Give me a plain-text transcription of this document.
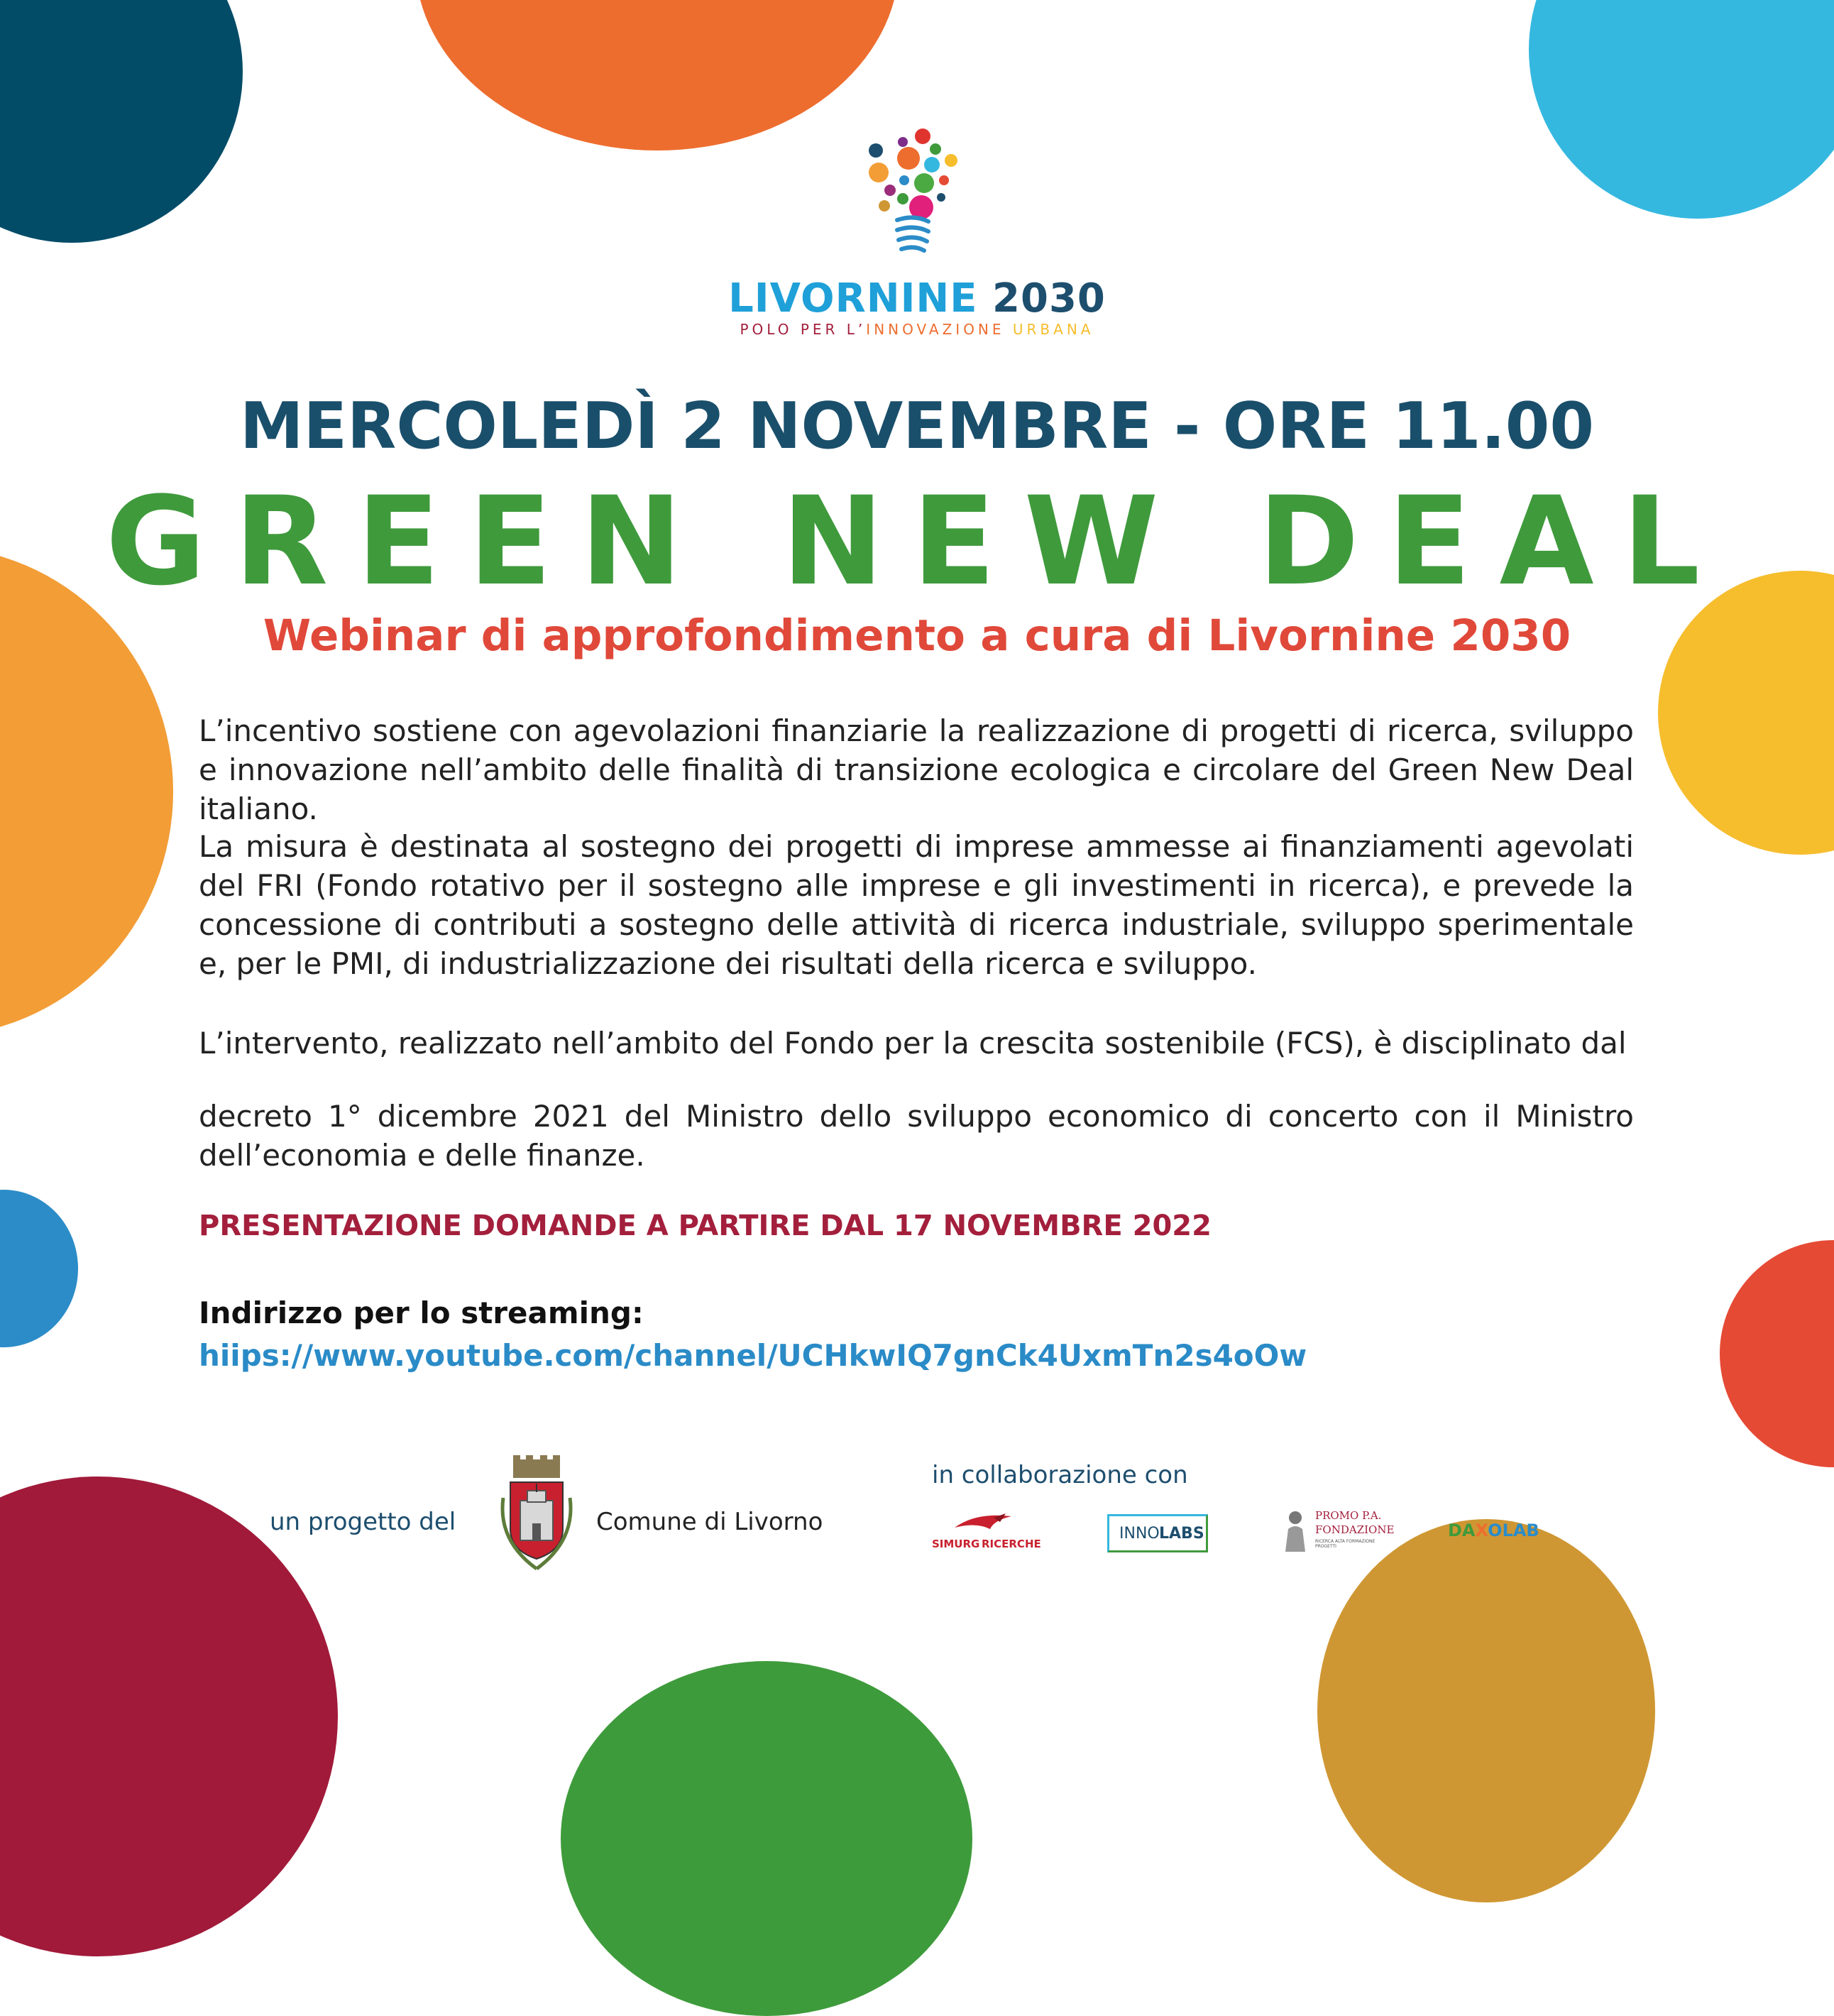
LIVORNINE 2030
POLO PER L’INNOVAZIONE URBANA
MERCOLEDÌ 2 NOVEMBRE - ORE 11.00
GREEN NEW DEAL
Webinar di approfondimento a cura di Livornine 2030
L’incentivo sostiene con agevolazioni finanziarie la realizzazione di progetti di ricerca, sviluppo e innovazione nell’ambito delle finalità di transizione ecologica e circolare del Green New Deal italiano.
La misura è destinata al sostegno dei progetti di imprese ammesse ai finanziamenti agevolati del FRI (Fondo rotativo per il sostegno alle imprese e gli investimenti in ricerca), e prevede la concessione di contributi a sostegno delle attività di ricerca industriale, sviluppo sperimentale e, per le PMI, di industrializzazione dei risultati della ricerca e sviluppo.
L’intervento, realizzato nell’ambito del Fondo per la crescita sostenibile (FCS), è disciplinato dal
decreto 1° dicembre 2021 del Ministro dello sviluppo economico di concerto con il Ministro dell’economia e delle finanze.
PRESENTAZIONE DOMANDE A PARTIRE DAL 17 NOVEMBRE 2022
Indirizzo per lo streaming:
hiips://www.youtube.com/channel/UCHkwIQ7gnCk4UxmTn2s4oOw
un progetto del	Comune di Livorno
in collaborazione con
SIMURG RICERCHE
INNO LABS
PROMO P.A.
FONDAZIONE
RICERCA ALTA FORMAZIONE PROGETTI
DAXOLAB
